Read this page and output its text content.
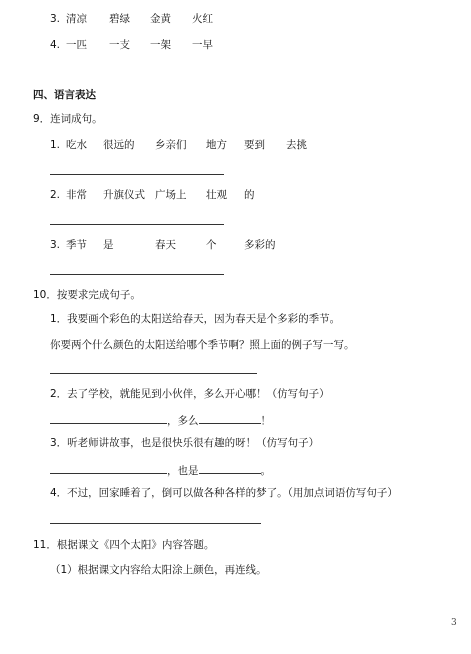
3. 清凉 碧绿 金黄 火红
4. 一匹 一支 一架 一早
四、语言表达
9．连词成句。
1. 吃水 很远的 乡亲们 地方 要到 去挑
2. 非常 升旗仪式 广场上 壮观 的
3. 季节 是	春天	个	多彩的
10．按要求完成句子。
1．我要画个彩色的太阳送给春天，因为春天是个多彩的季节。
你要两个什么颜色的太阳送给哪个季节啊？照上面的例子写一写。
2．去了学校，就能见到小伙伴，多么开心哪！（仿写句子）
，多么	！
3．听老师讲故事，也是很快乐很有趣的呀！（仿写句子）
，也是	。
4．不过，回家睡着了，倒可以做各种各样的梦了。（用加点词语仿写句子）
11．根据课文《四个太阳》内容答题。
（1）根据课文内容给太阳涂上颜色，再连线。
3
